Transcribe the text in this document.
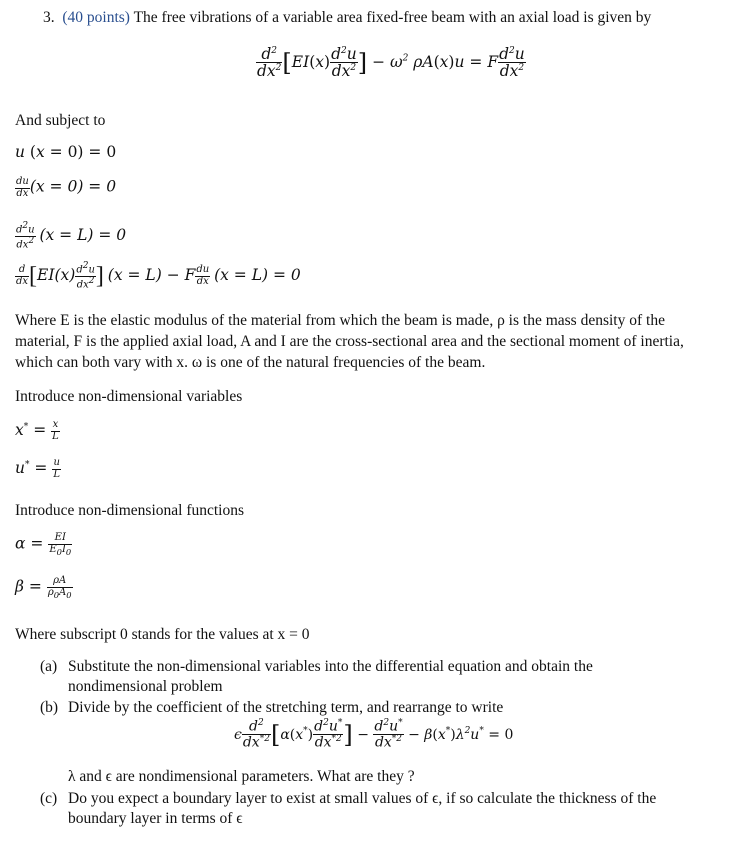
3. (40 points) The free vibrations of a variable area fixed-free beam with an axial load is given by
$\frac{d^2}{dx^2} [EI(x) \frac{d^2u}{dx^2}$ ] − $\omega^2$ ρA(x)u = F $\frac{d^2u}{dx^2}$
And subject to
u (x = 0) = 0
$\frac{du}{dx} (x = 0) = 0$
$\frac{d^2u}{dx^2} (x = L) = 0$
$\frac{d}{dx} [EI(x) \frac{d^2u}{dx^2}$ ] (x = L) − F $\frac{du}{dx} (x = L) = 0$
Where E is the elastic modulus of the material from which the beam is made, ρ is the mass density of the material, F is the applied axial load, A and I are the cross-sectional area and the sectional moment of inertia, which can both vary with x. ω is one of the natural frequencies of the beam.
Introduce non-dimensional variables
$x^* = \frac{x}{L}$
$u^* = \frac{u}{L}$
Introduce non-dimensional functions
$\alpha = \frac{EI}{E_0I_0}$
$\beta = \frac{\rho A}{\rho_0A_0}$
Where subscript 0 stands for the values at x = 0
(a) Substitute the non-dimensional variables into the differential equation and obtain the
nondimensional problem
(b) Divide by the coefficient of the stretching term, and rearrange to write
ϵ $\frac{d^2}{dx^{*2}} [\alpha(x^*) \frac{d^2u^*}{dx^{*2}}$ ] − $\frac{d^2u^*}{dx^{*2}} - \beta(x^*)\lambda^2u^* = 0$
λ and ϵ are nondimensional parameters. What are they ?
(c) Do you expect a boundary layer to exist at small values of ϵ, if so calculate the thickness of the
boundary layer in terms of ϵ
